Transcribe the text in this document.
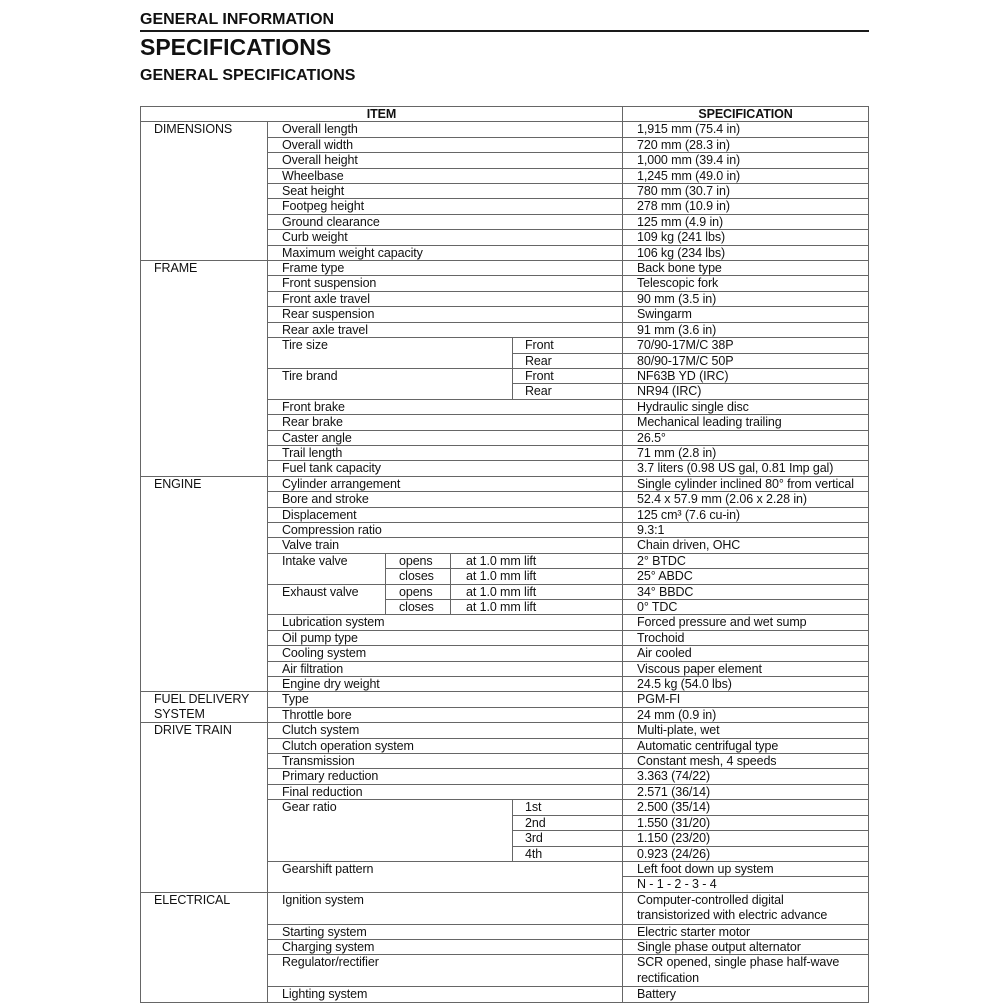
GENERAL INFORMATION
SPECIFICATIONS
GENERAL SPECIFICATIONS
ITEM					SPECIFICATION
DIMENSIONS	Overall length				1,915 mm (75.4 in)
	Overall width				720 mm (28.3 in)
	Overall height				1,000 mm (39.4 in)
	Wheelbase				1,245 mm (49.0 in)
	Seat height				780 mm (30.7 in)
	Footpeg height				278 mm (10.9 in)
	Ground clearance				125 mm (4.9 in)
	Curb weight				109 kg (241 lbs)
	Maximum weight capacity				106 kg (234 lbs)
FRAME	Frame type				Back bone type
	Front suspension				Telescopic fork
	Front axle travel				90 mm (3.5 in)
	Rear suspension				Swingarm
	Rear axle travel				91 mm (3.6 in)
	Tire size			Front	70/90-17M/C 38P
				Rear	80/90-17M/C 50P
	Tire brand			Front	NF63B YD (IRC)
				Rear	NR94 (IRC)
	Front brake				Hydraulic single disc
	Rear brake				Mechanical leading trailing
	Caster angle				26.5°
	Trail length				71 mm (2.8 in)
	Fuel tank capacity				3.7 liters (0.98 US gal, 0.81 Imp gal)
ENGINE	Cylinder arrangement				Single cylinder inclined 80° from vertical
	Bore and stroke				52.4 x 57.9 mm (2.06 x 2.28 in)
	Displacement				125 cm³ (7.6 cu-in)
	Compression ratio				9.3:1
	Valve train				Chain driven, OHC
	Intake valve	opens	at 1.0 mm lift		2° BTDC
		closes	at 1.0 mm lift		25° ABDC
	Exhaust valve	opens	at 1.0 mm lift		34° BBDC
		closes	at 1.0 mm lift		0° TDC
	Lubrication system				Forced pressure and wet sump
	Oil pump type				Trochoid
	Cooling system				Air cooled
	Air filtration				Viscous paper element
	Engine dry weight				24.5 kg (54.0 lbs)
FUEL DELIVERY SYSTEM	Type				PGM-FI
	Throttle bore				24 mm (0.9 in)
DRIVE TRAIN	Clutch system				Multi-plate, wet
	Clutch operation system				Automatic centrifugal type
	Transmission				Constant mesh, 4 speeds
	Primary reduction				3.363 (74/22)
	Final reduction				2.571 (36/14)
	Gear ratio			1st	2.500 (35/14)
				2nd	1.550 (31/20)
				3rd	1.150 (23/20)
				4th	0.923 (24/26)
	Gearshift pattern				Left foot down up system
					N - 1 - 2 - 3 - 4
ELECTRICAL	Ignition system				Computer-controlled digital
transistorized with electric advance

	Starting system				Electric starter motor
	Charging system				Single phase output alternator
	Regulator/rectifier				SCR opened, single phase half-wave
rectification

	Lighting system				Battery
